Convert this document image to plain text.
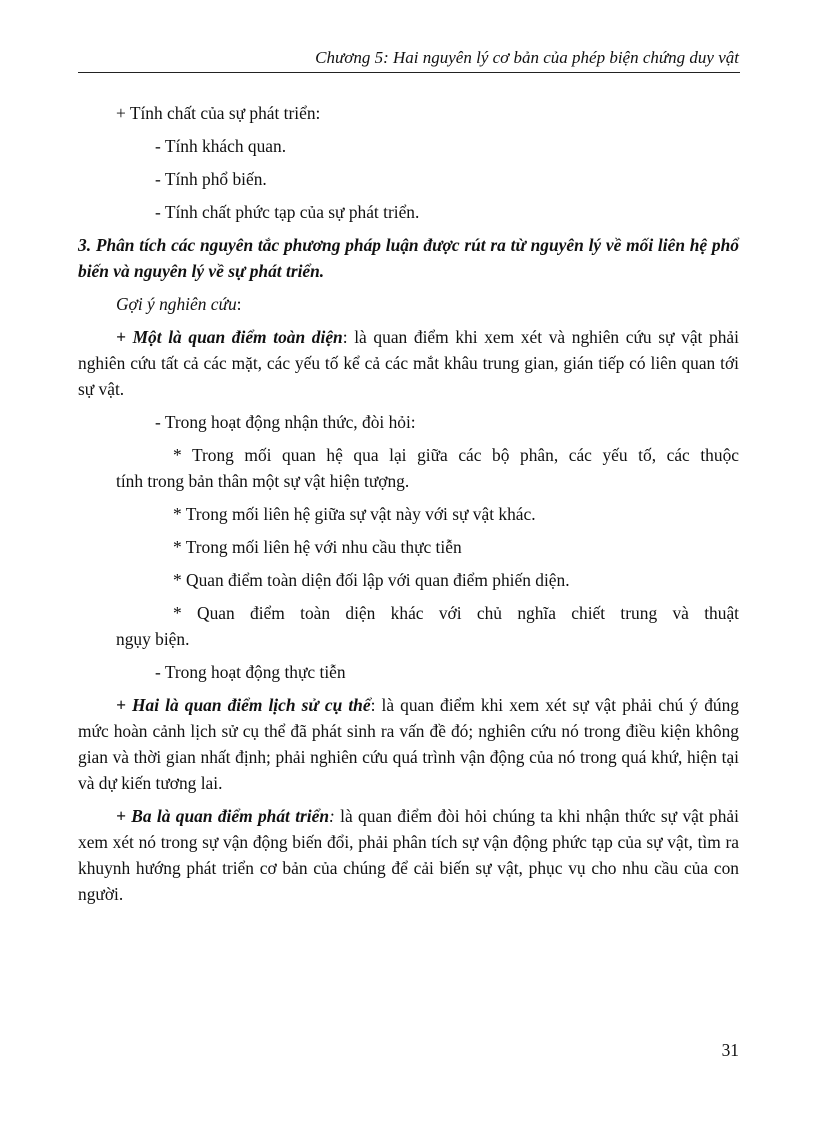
Chương 5: Hai nguyên lý cơ bản của phép biện chứng duy vật
+ Tính chất của sự phát triển:
- Tính khách quan.
- Tính phổ biến.
- Tính chất phức tạp của sự phát triển.
3. Phân tích các nguyên tắc phương pháp luận được rút ra từ nguyên lý về mối liên hệ phổ biến và nguyên lý về sự phát triển.
Gợi ý nghiên cứu:
+ Một là quan điểm toàn diện: là quan điểm khi xem xét và nghiên cứu sự vật phải nghiên cứu tất cả các mặt, các yếu tố kể cả các mắt khâu trung gian, gián tiếp có liên quan tới sự vật.
- Trong hoạt động nhận thức, đòi hỏi:
* Trong mối quan hệ qua lại giữa các bộ phân, các yếu tố, các thuộc
tính trong bản thân một sự vật hiện tượng.
* Trong mối liên hệ giữa sự vật này với sự vật khác.
* Trong mối liên hệ với nhu cầu thực tiễn
* Quan điểm toàn diện đối lập với quan điểm phiến diện.
* Quan điểm toàn diện khác với chủ nghĩa chiết trung và thuật
ngụy biện.
- Trong hoạt động thực tiễn
+ Hai là quan điểm lịch sử cụ thể: là quan điểm khi xem xét sự vật phải chú ý đúng mức hoàn cảnh lịch sử cụ thể đã phát sinh ra vấn đề đó; nghiên cứu nó trong điều kiện không gian và thời gian nhất định; phải nghiên cứu quá trình vận động của nó trong quá khứ, hiện tại và dự kiến tương lai.
+ Ba là quan điểm phát triển: là quan điểm đòi hỏi chúng ta khi nhận thức sự vật phải xem xét nó trong sự vận động biến đổi, phải phân tích sự vận động phức tạp của sự vật, tìm ra khuynh hướng phát triển cơ bản của chúng để cải biến sự vật, phục vụ cho nhu cầu của con người.
31
